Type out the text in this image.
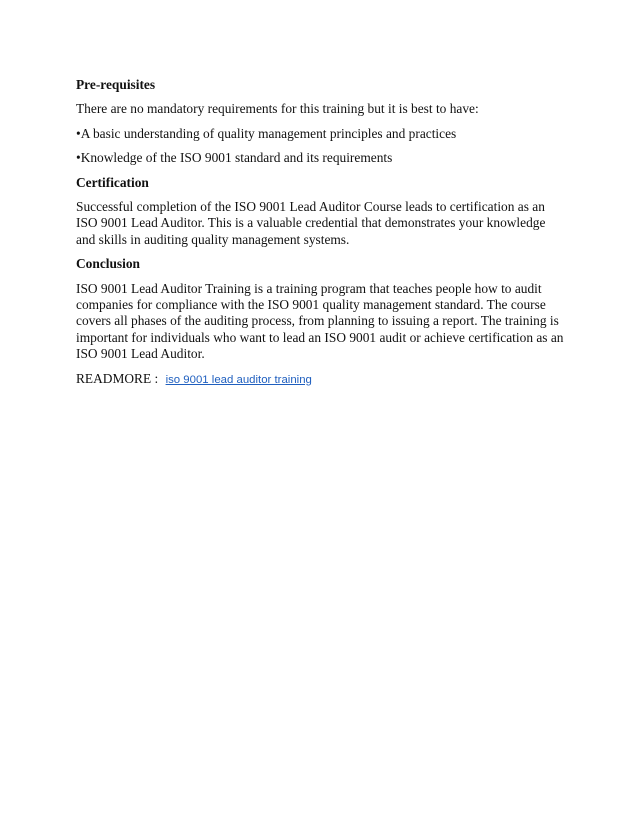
Pre-requisites
There are no mandatory requirements for this training but it is best to have:
•A basic understanding of quality management principles and practices
•Knowledge of the ISO 9001 standard and its requirements
Certification
Successful completion of the ISO 9001 Lead Auditor Course leads to certification as an ISO 9001 Lead Auditor. This is a valuable credential that demonstrates your knowledge and skills in auditing quality management systems.
Conclusion
ISO 9001 Lead Auditor Training is a training program that teaches people how to audit companies for compliance with the ISO 9001 quality management standard. The course covers all phases of the auditing process, from planning to issuing a report. The training is important for individuals who want to lead an ISO 9001 audit or achieve certification as an ISO 9001 Lead Auditor.
READMORE : iso 9001 lead auditor training
